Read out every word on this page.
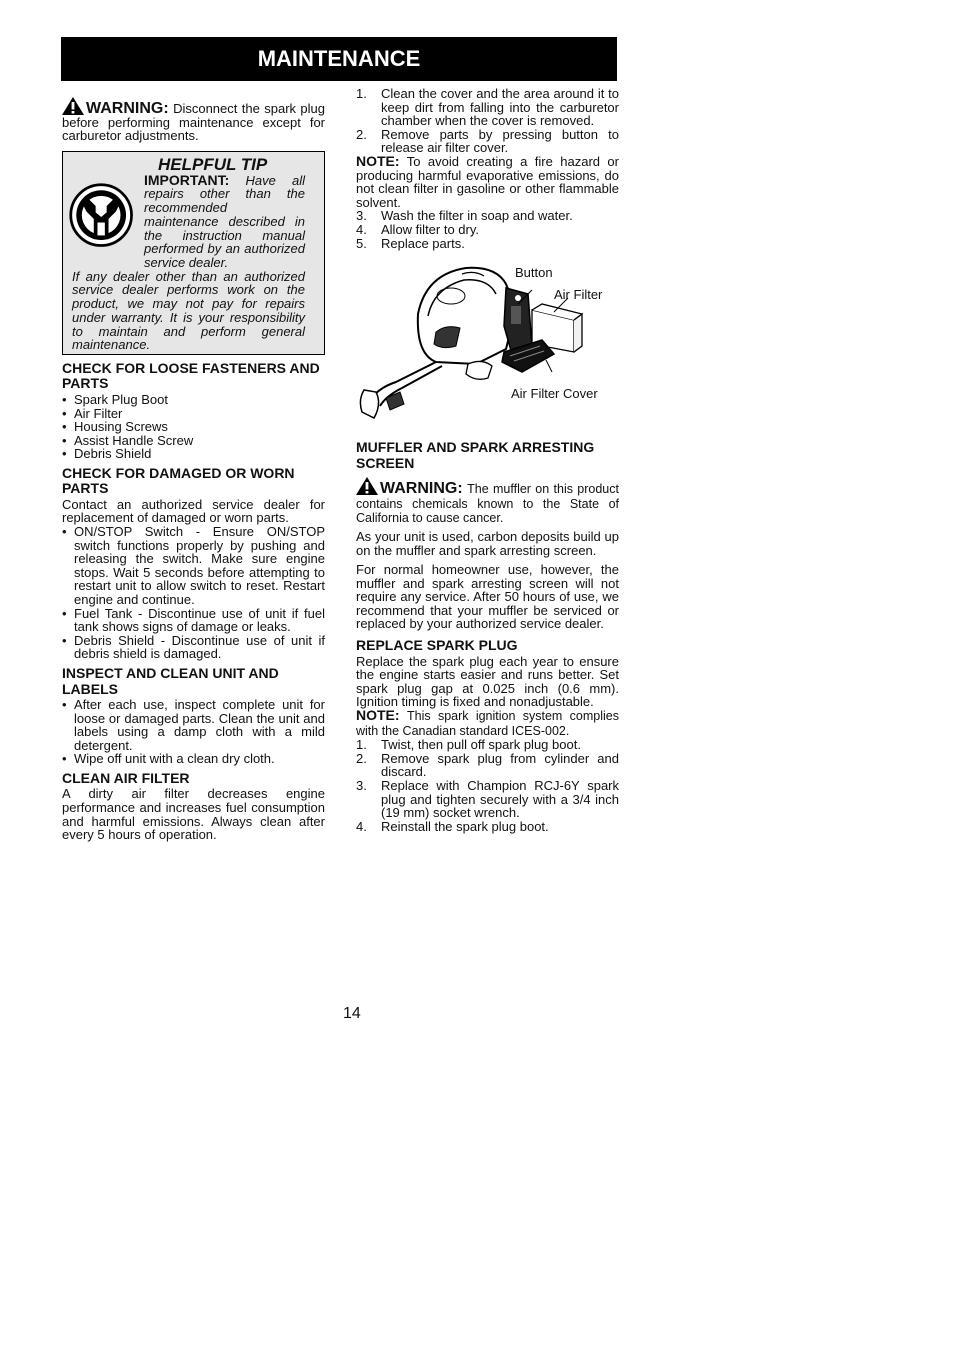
MAINTENANCE

WARNING: Disconnect the spark plug before performing maintenance except for carburetor adjustments.

HELPFUL TIP

IMPORTANT: Have all repairs other than the recommended maintenance described in the instruction manual performed by an authorized service dealer.

If any dealer other than an authorized service dealer performs work on the product, we may not pay for repairs under warranty. It is your responsibility to maintain and perform general maintenance.

CHECK FOR LOOSE FASTENERS AND PARTS
• Spark Plug Boot
• Air Filter
• Housing Screws
• Assist Handle Screw
• Debris Shield
CHECK FOR DAMAGED OR WORN PARTS

Contact an authorized service dealer for replacement of damaged or worn parts.

• ON/STOP Switch - Ensure ON/STOP switch functions properly by pushing and releasing the switch. Make sure engine stops. Wait 5 seconds before attempting to restart unit to allow switch to reset. Restart engine and continue.
• Fuel Tank - Discontinue use of unit if fuel tank shows signs of damage or leaks.
• Debris Shield - Discontinue use of unit if debris shield is damaged.
INSPECT AND CLEAN UNIT AND LABELS
• After each use, inspect complete unit for loose or damaged parts. Clean the unit and labels using a damp cloth with a mild detergent.
• Wipe off unit with a clean dry cloth.
CLEAN AIR FILTER

A dirty air filter decreases engine performance and increases fuel consumption and harmful emissions. Always clean after every 5 hours of operation.

1. Clean the cover and the area around it to keep dirt from falling into the carburetor chamber when the cover is removed.
2. Remove parts by pressing button to release air filter cover.

NOTE: To avoid creating a fire hazard or producing harmful evaporative emissions, do not clean filter in gasoline or other flammable solvent.

3. Wash the filter in soap and water.
4. Allow filter to dry.
5. Replace parts.
Button
Air Filter
Air Filter Cover
MUFFLER AND SPARK ARRESTING SCREEN

WARNING: The muffler on this product contains chemicals known to the State of California to cause cancer.

As your unit is used, carbon deposits build up on the muffler and spark arresting screen.

For normal homeowner use, however, the muffler and spark arresting screen will not require any service. After 50 hours of use, we recommend that your muffler be serviced or replaced by your authorized service dealer.

REPLACE SPARK PLUG

Replace the spark plug each year to ensure the engine starts easier and runs better. Set spark plug gap at 0.025 inch (0.6 mm). Ignition timing is fixed and nonadjustable.

NOTE: This spark ignition system complies with the Canadian standard ICES-002.

1. Twist, then pull off spark plug boot.
2. Remove spark plug from cylinder and discard.
3. Replace with Champion RCJ-6Y spark plug and tighten securely with a 3/4 inch (19 mm) socket wrench.
4. Reinstall the spark plug boot.
14
